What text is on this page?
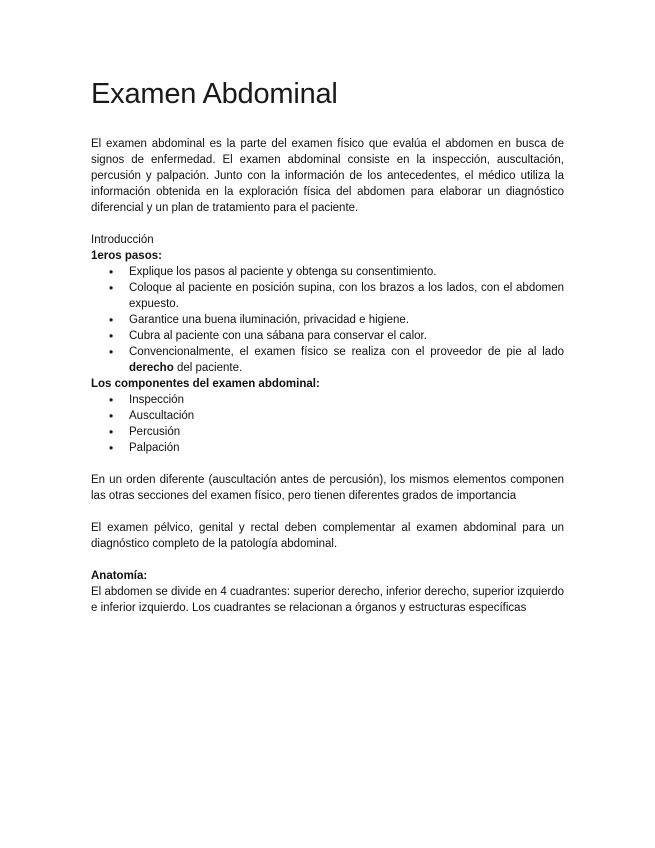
Examen Abdominal

El examen abdominal es la parte del examen físico que evalúa el abdomen en busca de signos de enfermedad. El examen abdominal consiste en la inspección, auscultación, percusión y palpación. Junto con la información de los antecedentes, el médico utiliza la información obtenida en la exploración física del abdomen para elaborar un diagnóstico diferencial y un plan de tratamiento para el paciente.

Introducción

1eros pasos:

• Explique los pasos al paciente y obtenga su consentimiento.
• Coloque al paciente en posición supina, con los brazos a los lados, con el abdomen expuesto.
• Garantice una buena iluminación, privacidad e higiene.
• Cubra al paciente con una sábana para conservar el calor.
• Convencionalmente, el examen físico se realiza con el proveedor de pie al lado derecho del paciente.

Los componentes del examen abdominal:

• Inspección
• Auscultación
• Percusión
• Palpación

En un orden diferente (auscultación antes de percusión), los mismos elementos componen las otras secciones del examen físico, pero tienen diferentes grados de importancia

El examen pélvico, genital y rectal deben complementar al examen abdominal para un diagnóstico completo de la patología abdominal.

Anatomía:

El abdomen se divide en 4 cuadrantes: superior derecho, inferior derecho, superior izquierdo e inferior izquierdo. Los cuadrantes se relacionan a órganos y estructuras específicas
